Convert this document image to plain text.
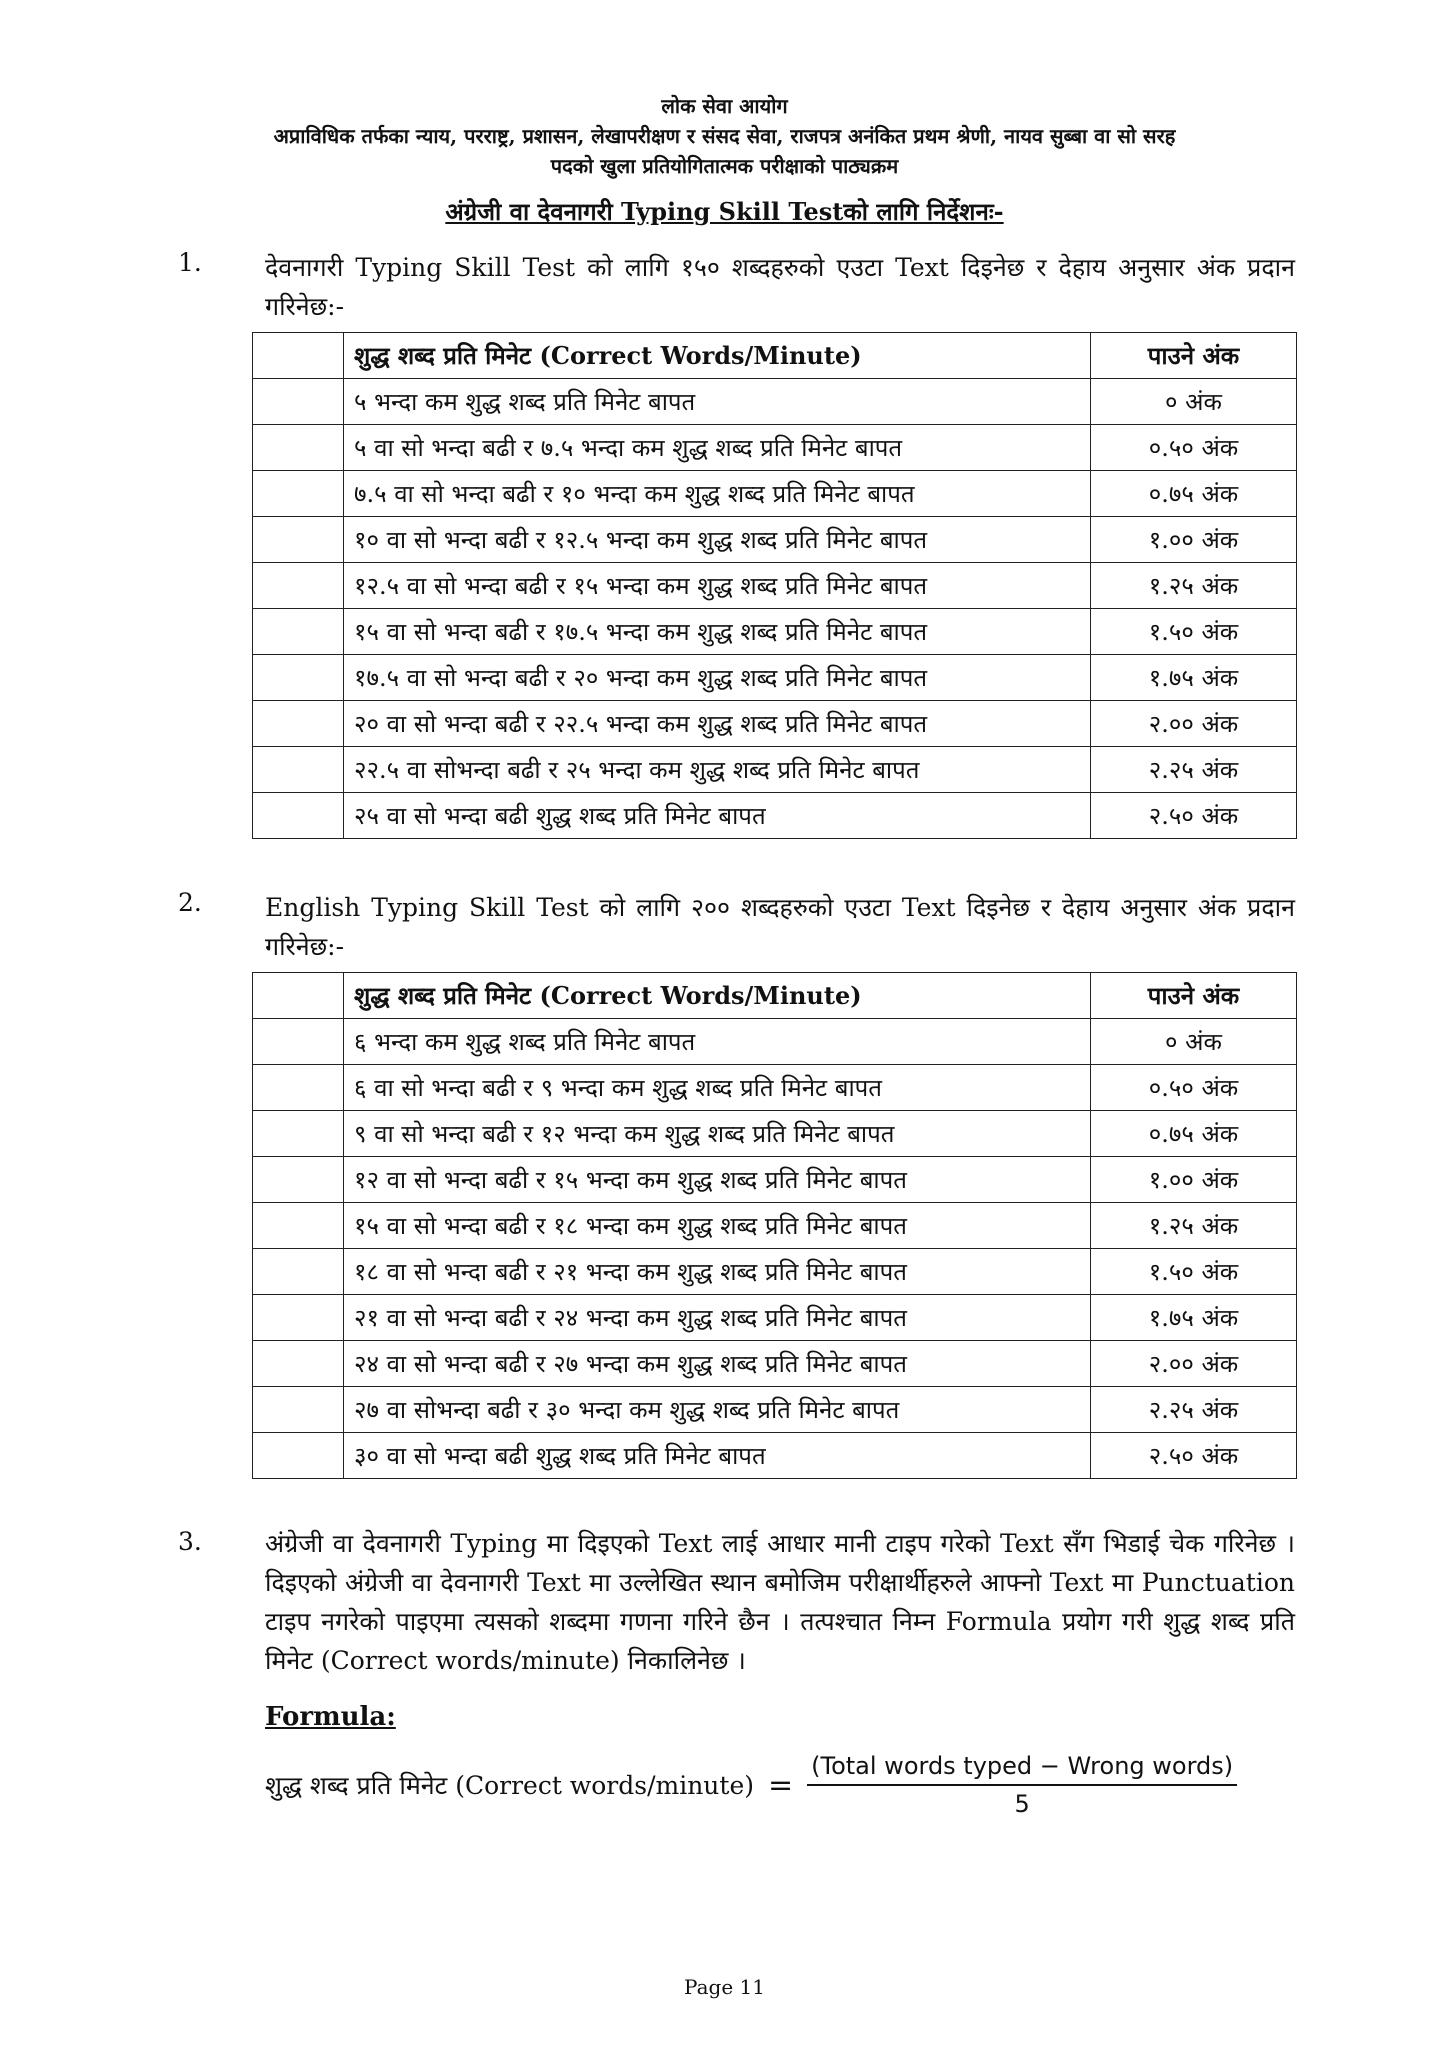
लोक सेवा आयोग
अप्राविधिक तर्फका न्याय, परराष्ट्र, प्रशासन, लेखापरीक्षण र संसद सेवा, राजपत्र अनंकित प्रथम श्रेणी, नायव सुब्बा वा सो सरह
पदको खुला प्रतियोगितात्मक परीक्षाको पाठ्यक्रम
अंग्रेजी वा देवनागरी Typing Skill Testको लागि निर्देशनः-
1.	देवनागरी Typing Skill Test को लागि १५० शब्दहरुको एउटा Text दिइनेछ र देहाय अनुसार अंक प्रदान गरिनेछ:-
	शुद्ध शब्द प्रति मिनेट (Correct Words/Minute)	पाउने अंक
	५ भन्दा कम शुद्ध शब्द प्रति मिनेट बापत	० अंक
	५ वा सो भन्दा बढी र ७.५ भन्दा कम शुद्ध शब्द प्रति मिनेट बापत	०.५० अंक
	७.५ वा सो भन्दा बढी र १० भन्दा कम शुद्ध शब्द प्रति मिनेट बापत	०.७५ अंक
	१० वा सो भन्दा बढी र १२.५ भन्दा कम शुद्ध शब्द प्रति मिनेट बापत	१.०० अंक
	१२.५ वा सो भन्दा बढी र १५ भन्दा कम शुद्ध शब्द प्रति मिनेट बापत	१.२५ अंक
	१५ वा सो भन्दा बढी र १७.५ भन्दा कम शुद्ध शब्द प्रति मिनेट बापत	१.५० अंक
	१७.५ वा सो भन्दा बढी र २० भन्दा कम शुद्ध शब्द प्रति मिनेट बापत	१.७५ अंक
	२० वा सो भन्दा बढी र २२.५ भन्दा कम शुद्ध शब्द प्रति मिनेट बापत	२.०० अंक
	२२.५ वा सोभन्दा बढी र २५ भन्दा कम शुद्ध शब्द प्रति मिनेट बापत	२.२५ अंक
	२५ वा सो भन्दा बढी शुद्ध शब्द प्रति मिनेट बापत	२.५० अंक
2.	English Typing Skill Test को लागि २०० शब्दहरुको एउटा Text दिइनेछ र देहाय अनुसार अंक प्रदान गरिनेछ:-
	शुद्ध शब्द प्रति मिनेट (Correct Words/Minute)	पाउने अंक
	६ भन्दा कम शुद्ध शब्द प्रति मिनेट बापत	० अंक
	६ वा सो भन्दा बढी र ९ भन्दा कम शुद्ध शब्द प्रति मिनेट बापत	०.५० अंक
	९ वा सो भन्दा बढी र १२ भन्दा कम शुद्ध शब्द प्रति मिनेट बापत	०.७५ अंक
	१२ वा सो भन्दा बढी र १५ भन्दा कम शुद्ध शब्द प्रति मिनेट बापत	१.०० अंक
	१५ वा सो भन्दा बढी र १८ भन्दा कम शुद्ध शब्द प्रति मिनेट बापत	१.२५ अंक
	१८ वा सो भन्दा बढी र २१ भन्दा कम शुद्ध शब्द प्रति मिनेट बापत	१.५० अंक
	२१ वा सो भन्दा बढी र २४ भन्दा कम शुद्ध शब्द प्रति मिनेट बापत	१.७५ अंक
	२४ वा सो भन्दा बढी र २७ भन्दा कम शुद्ध शब्द प्रति मिनेट बापत	२.०० अंक
	२७ वा सोभन्दा बढी र ३० भन्दा कम शुद्ध शब्द प्रति मिनेट बापत	२.२५ अंक
	३० वा सो भन्दा बढी शुद्ध शब्द प्रति मिनेट बापत	२.५० अंक
3.	अंग्रेजी वा देवनागरी Typing मा दिइएको Text लाई आधार मानी टाइप गरेको Text सँग भिडाई चेक गरिनेछ । दिइएको अंग्रेजी वा देवनागरी Text मा उल्लेखित स्थान बमोजिम परीक्षार्थीहरुले आफ्नो Text मा Punctuation टाइप नगरेको पाइएमा त्यसको शब्दमा गणना गरिने छैन । तत्पश्चात निम्न Formula प्रयोग गरी शुद्ध शब्द प्रति मिनेट (Correct words/minute) निकालिनेछ ।
Formula:
शुद्ध शब्द प्रति मिनेट (Correct words/minute) = $\frac{\text{(Total words typed − Wrong words)}}{5}$
Page 11
